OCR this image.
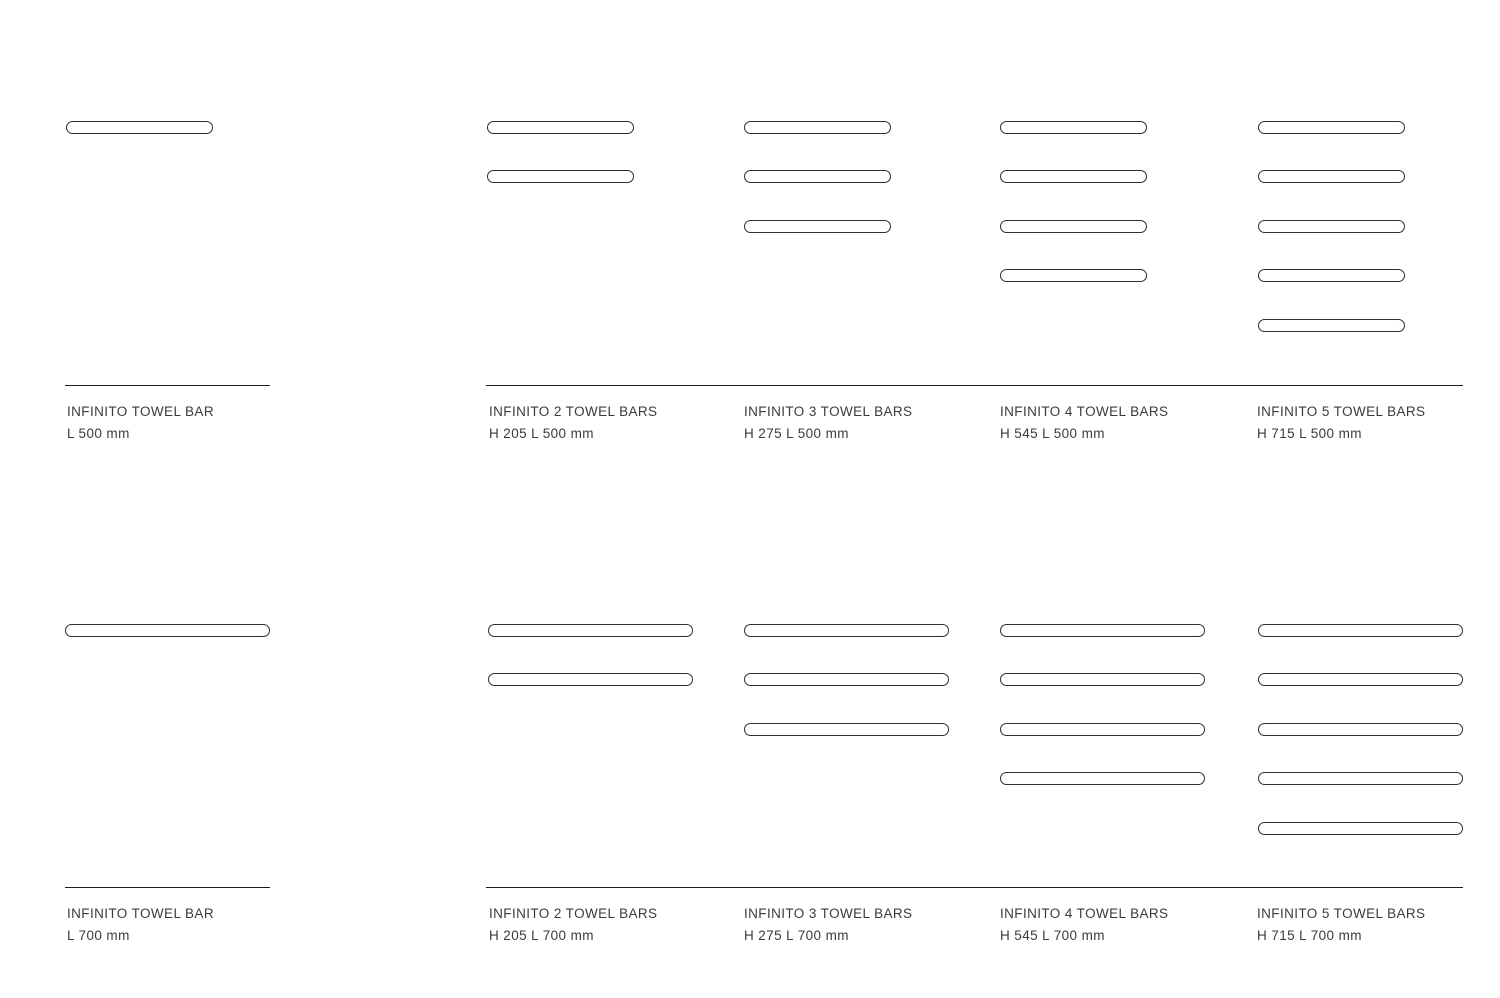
INFINITO TOWEL BAR
L 500 mm
INFINITO 2 TOWEL BARS
H 205 L 500 mm
INFINITO 3 TOWEL BARS
H 275 L 500 mm
INFINITO 4 TOWEL BARS
H 545 L 500 mm
INFINITO 5 TOWEL BARS
H 715 L 500 mm
INFINITO TOWEL BAR
L 700 mm
INFINITO 2 TOWEL BARS
H 205 L 700 mm
INFINITO 3 TOWEL BARS
H 275 L 700 mm
INFINITO 4 TOWEL BARS
H 545 L 700 mm
INFINITO 5 TOWEL BARS
H 715 L 700 mm
